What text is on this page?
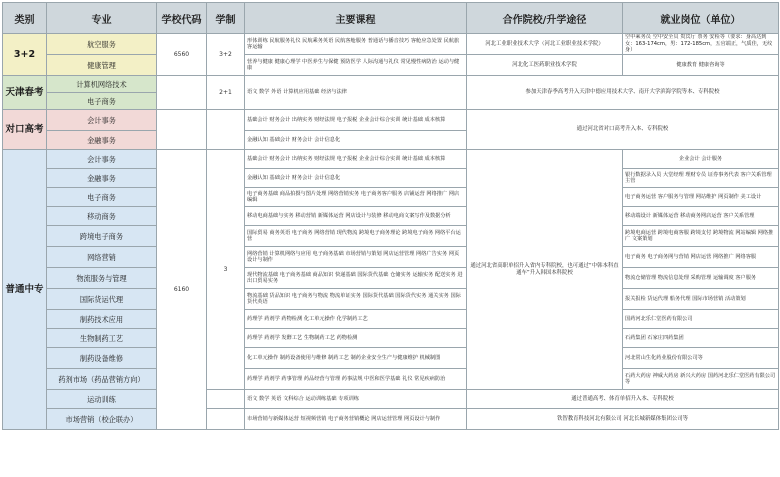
类别	专业	学校代码	学制	主要课程	合作院校/升学途径	就业岗位（单位）
3+2	航空服务	6560	3+2	形体训练 民航服务礼仪 民航乘务英语 民航客舱服务 普通话与播音技巧 客舱应急处置 民航旅客运输	河北工业职业技术大学（河北工业职业技术学院）	空中乘务员 空中安全员 贵宾厅 票务 安检等（要求：身高达到女：163-174cm，男：172-185cm，五官端正，气质佳，无纹身）
	健康管理			营养与健康 健康心理学 中医养生与保健 预防医学 人际沟通与礼仪 常见慢性病防治 运动与健康	河北化工医药职业技术学院	健康教育 健康咨询等
天津春考	计算机网络技术		2+1	语文 数学 外语 计算机应用基础 经济与法律	参加天津春季高考升入天津中德应用技术大学、南开大学滨海学院等本、专科院校	
	电子商务					
对口高考	会计事务			基础会计 财务会计 出纳实务 财经法规 电子报税 企业会计综合实训 统计基础 成本核算	通过河北省对口高考升入本、专科院校	
	金融事务			金融认知 基础会计 财务会计 会计信息化		
普通中专	会计事务	6160	3	基础会计 财务会计 出纳实务 财经法规 电子报税 企业会计综合实训 统计基础 成本核算	通过河北省高职单招升入省内专科院校，也可通过“中韩本科直通车”升入韩国本科院校	企业会计 会计服务
	金融事务			金融认知 基础会计 财务会计 会计信息化		银行数据录入员 大堂经理 理财专员 证券事务代表 客户关系管理主管
	电子商务			电子商务基础 商品拍摄与图片处理 网络营销实务 电子商务客户服务 店铺运营 网络推广 网店编辑		电子商务运营 客户服务与管理 网站维护 网页制作 美工设计
	移动商务			移动电商基础与实务 移动营销 新媒体运营 网店设计与装修 移动电商文案写作及数据分析		移动端设计 新媒体运营 移动商务网店运营 客户关系管理
	跨境电子商务			国际贸易 商务英语 电子商务 网络营销 现代物流 跨境电子商务理论 跨境电子商务 网络平台运营		跨境电商运营 跨境电商客服 跨境支付 跨境物流 网站编辑 网络推广 文案策划
	网络营销			网络营销 计算机网络与应用 电子商务基础 市场营销与策划 网店运营管理 网络广告实务 网页设计与制作		电子商务 电子商务网与营销 网店运营 网络推广 网络客服
	物流服务与管理			现代物流基础 电子商务基础 商品知识 快递基础 国际货代基础 仓储实务 运输实务 配送实务 进出口贸易实务		物流仓储管理 物流信息处理 采购管理 运输调度 客户服务
	国际货运代理			物流基础 货品知识 电子商务与物流 物流单证实务 国际货代基础 国际货代实务 通关实务 国际货代英语		报关报检 货运代理 船务代理 国际市场营销 活动策划
	制药技术应用			药理学 药剂学 药物检测 化工单元操作 化学制药工艺		国药河北乐仁堂医药有限公司
	生物制药工艺			药理学 药剂学 发酵工艺 生物制药工艺 药物检测		石药集团 石家庄四药集团
	制药设备维修			化工单元操作 制药设备使用与维修 制药工艺 制药企业安全生产与健康维护 机械制图		河北常山生化药业股份有限公司等
	药剂市场（药品营销方向）			药理学 药剂学 药事管理 药品经营与管理 药事法规 中医和医学基础 礼仪 常见疾病防治		石药大药房 神威大药房 新兴大药房 国药河北乐仁堂医药有限公司等
	运动训练			语文 数学 英语 文科综合 运动训练基础 专项训练	通过普通高考、体育单招升入本、专科院校	
	市场营销（校企联办）			市场营销与新媒体运营 短视频营销 电子商务营销概论 网店运营管理 网页设计与制作	铁智教育科技河北有限公司 河北长城新媒体集团公司等	
